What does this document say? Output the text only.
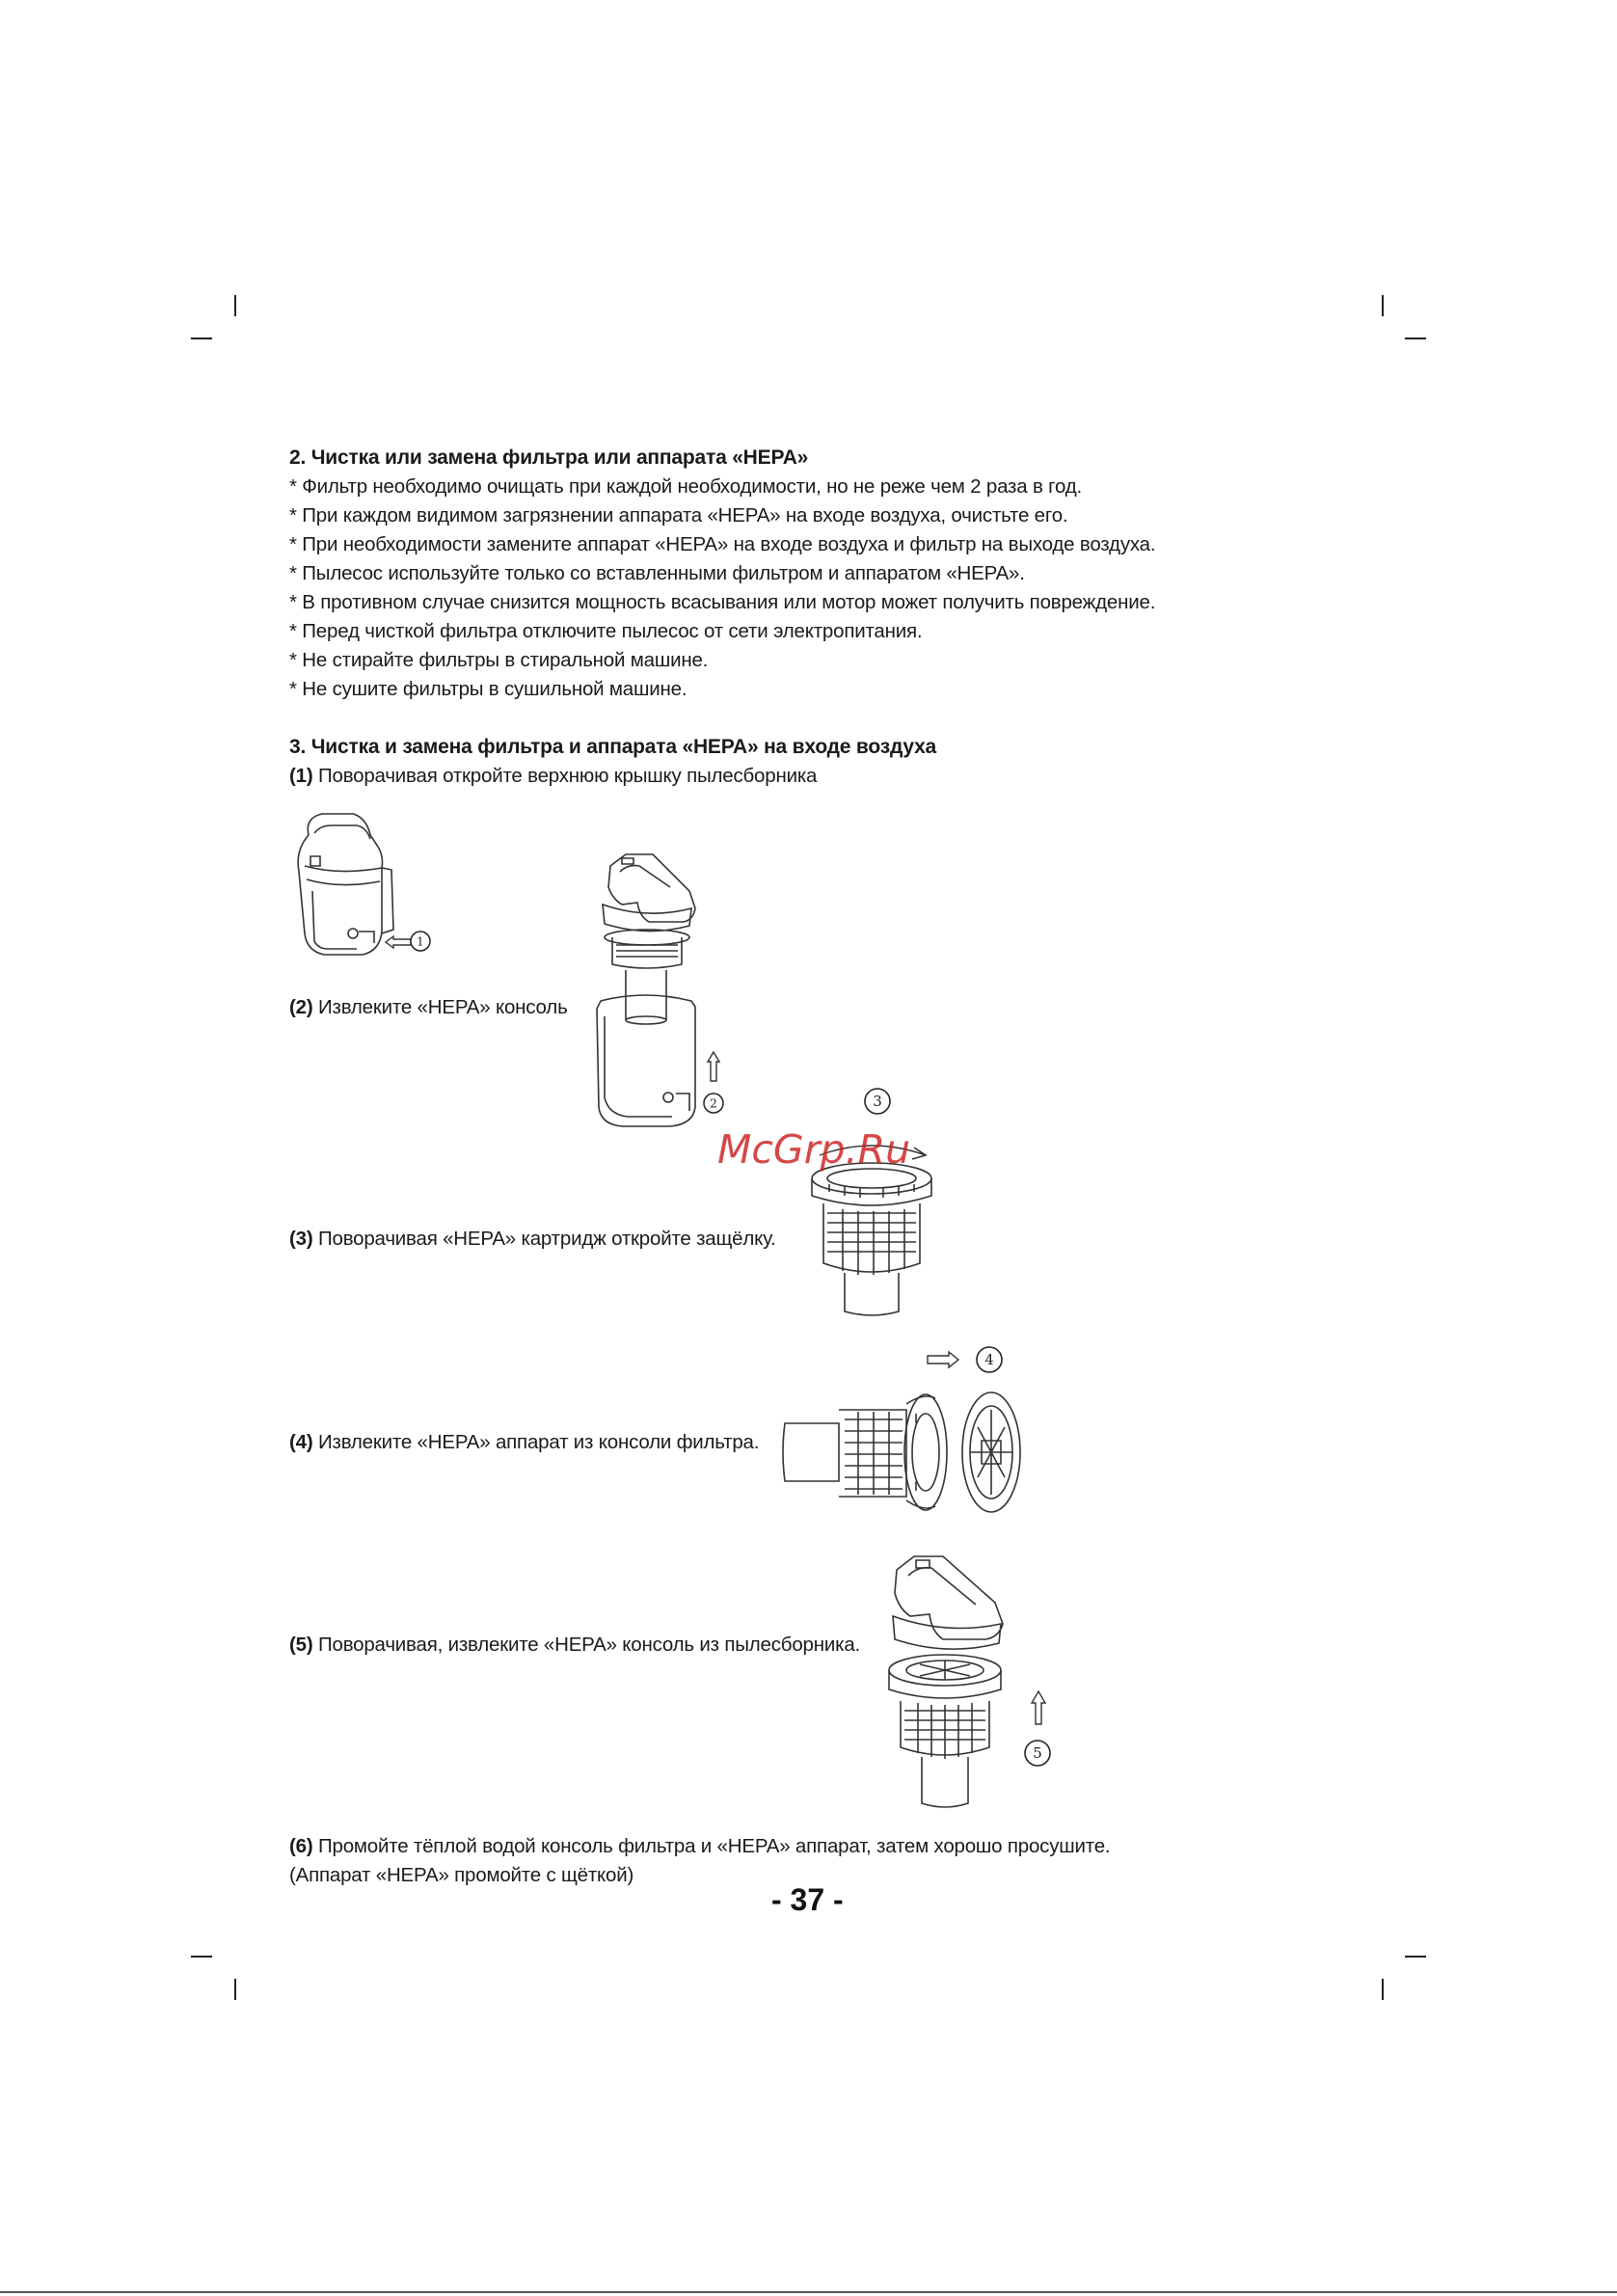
2. Чистка или замена фильтра или аппарата «HEPA»
* Фильтр необходимо очищать при каждой необходимости, но не реже чем 2 раза в год.
* При каждом видимом загрязнении аппарата «HEPA» на входе воздуха, очистьте его.
* При необходимости замените аппарат «HEPA» на входе воздуха и фильтр на выходе воздуха.
* Пылесос используйте только со вставленными фильтром и аппаратом «HEPA».
* В противном случае снизится мощность всасывания или мотор может получить повреждение.
* Перед чисткой фильтра отключите пылесос от сети электропитания.
* Не стирайте фильтры в стиральной машине.
* Не сушите фильтры в сушильной машине.
3. Чистка и замена фильтра и аппарата «HEPA» на входе воздуха
(1) Поворачивая откройте верхнюю крышку пылесборника
(2) Извлеките «HEPA» консоль
(3) Поворачивая «HEPA» картридж откройте защёлку.
(4) Извлеките «HEPA» аппарат из консоли фильтра.
(5) Поворачивая, извлеките «HEPA» консоль из пылесборника.
(6) Промойте тёплой водой консоль фильтра и «HEPA» аппарат, затем хорошо просушите.
(Аппарат «HEPA» промойте с щёткой)
- 37 -
1
2	3
4
5
McGrp.Ru
